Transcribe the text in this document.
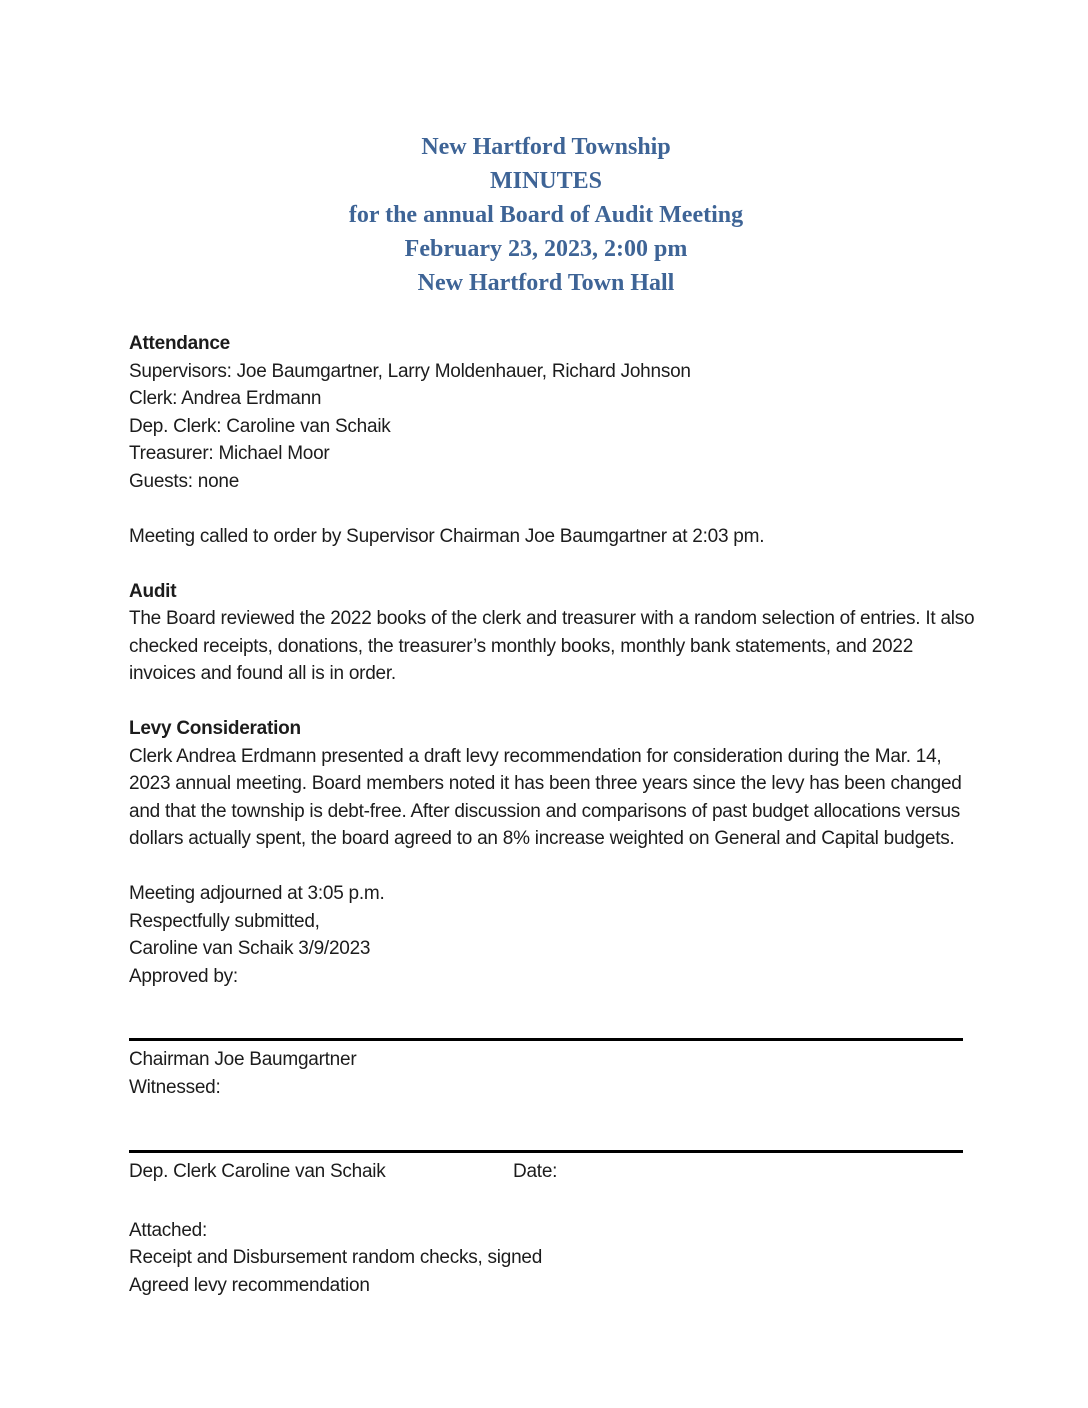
New Hartford Township
MINUTES
for the annual Board of Audit Meeting
February 23, 2023, 2:00 pm
New Hartford Town Hall
Attendance
Supervisors: Joe Baumgartner, Larry Moldenhauer, Richard Johnson
Clerk: Andrea Erdmann
Dep. Clerk: Caroline van Schaik
Treasurer: Michael Moor
Guests: none
Meeting called to order by Supervisor Chairman Joe Baumgartner at 2:03 pm.
Audit
The Board reviewed the 2022 books of the clerk and treasurer with a random selection of entries. It also
checked receipts, donations, the treasurer’s monthly books, monthly bank statements, and 2022
invoices and found all is in order.
Levy Consideration
Clerk Andrea Erdmann presented a draft levy recommendation for consideration during the Mar. 14,
2023 annual meeting. Board members noted it has been three years since the levy has been changed
and that the township is debt-free. After discussion and comparisons of past budget allocations versus
dollars actually spent, the board agreed to an 8% increase weighted on General and Capital budgets.
Meeting adjourned at 3:05 p.m.
Respectfully submitted,
Caroline van Schaik 3/9/2023
Approved by:
Chairman Joe Baumgartner
Witnessed:
Dep. Clerk Caroline van Schaik	Date:
Attached:
Receipt and Disbursement random checks, signed
Agreed levy recommendation
